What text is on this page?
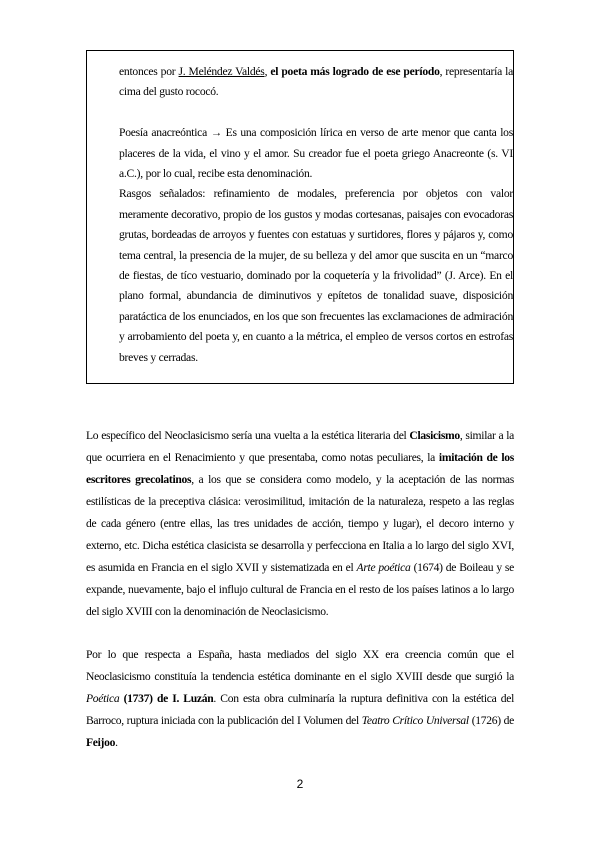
entonces por J. Meléndez Valdés, el poeta más logrado de ese período, representaría la cima del gusto rococó.

Poesía anacreóntica → Es una composición lírica en verso de arte menor que canta los placeres de la vida, el vino y el amor. Su creador fue el poeta griego Anacreonte (s. VI a.C.), por lo cual, recibe esta denominación.

Rasgos señalados: refinamiento de modales, preferencia por objetos con valor meramente decorativo, propio de los gustos y modas cortesanas, paisajes con evocadoras grutas, bordeadas de arroyos y fuentes con estatuas y surtidores, flores y pájaros y, como tema central, la presencia de la mujer, de su belleza y del amor que suscita en un “marco de fiestas, de tíco vestuario, dominado por la coquetería y la frivolidad” (J. Arce). En el plano formal, abundancia de diminutivos y epítetos de tonalidad suave, disposición paratáctica de los enunciados, en los que son frecuentes las exclamaciones de admiración y arrobamiento del poeta y, en cuanto a la métrica, el empleo de versos cortos en estrofas breves y cerradas.

Lo específico del Neoclasicismo sería una vuelta a la estética literaria del Clasicismo, similar a la que ocurriera en el Renacimiento y que presentaba, como notas peculiares, la imitación de los escritores grecolatinos, a los que se considera como modelo, y la aceptación de las normas estilísticas de la preceptiva clásica: verosimilitud, imitación de la naturaleza, respeto a las reglas de cada género (entre ellas, las tres unidades de acción, tiempo y lugar), el decoro interno y externo, etc. Dicha estética clasicista se desarrolla y perfecciona en Italia a lo largo del siglo XVI, es asumida en Francia en el siglo XVII y sistematizada en el Arte poética (1674) de Boileau y se expande, nuevamente, bajo el influjo cultural de Francia en el resto de los países latinos a lo largo del siglo XVIII con la denominación de Neoclasicismo.

Por lo que respecta a España, hasta mediados del siglo XX era creencia común que el Neoclasicismo constituía la tendencia estética dominante en el siglo XVIII desde que surgió la Poética (1737) de I. Luzán. Con esta obra culminaría la ruptura definitiva con la estética del Barroco, ruptura iniciada con la publicación del I Volumen del Teatro Crítico Universal (1726) de Feijoo.

2
